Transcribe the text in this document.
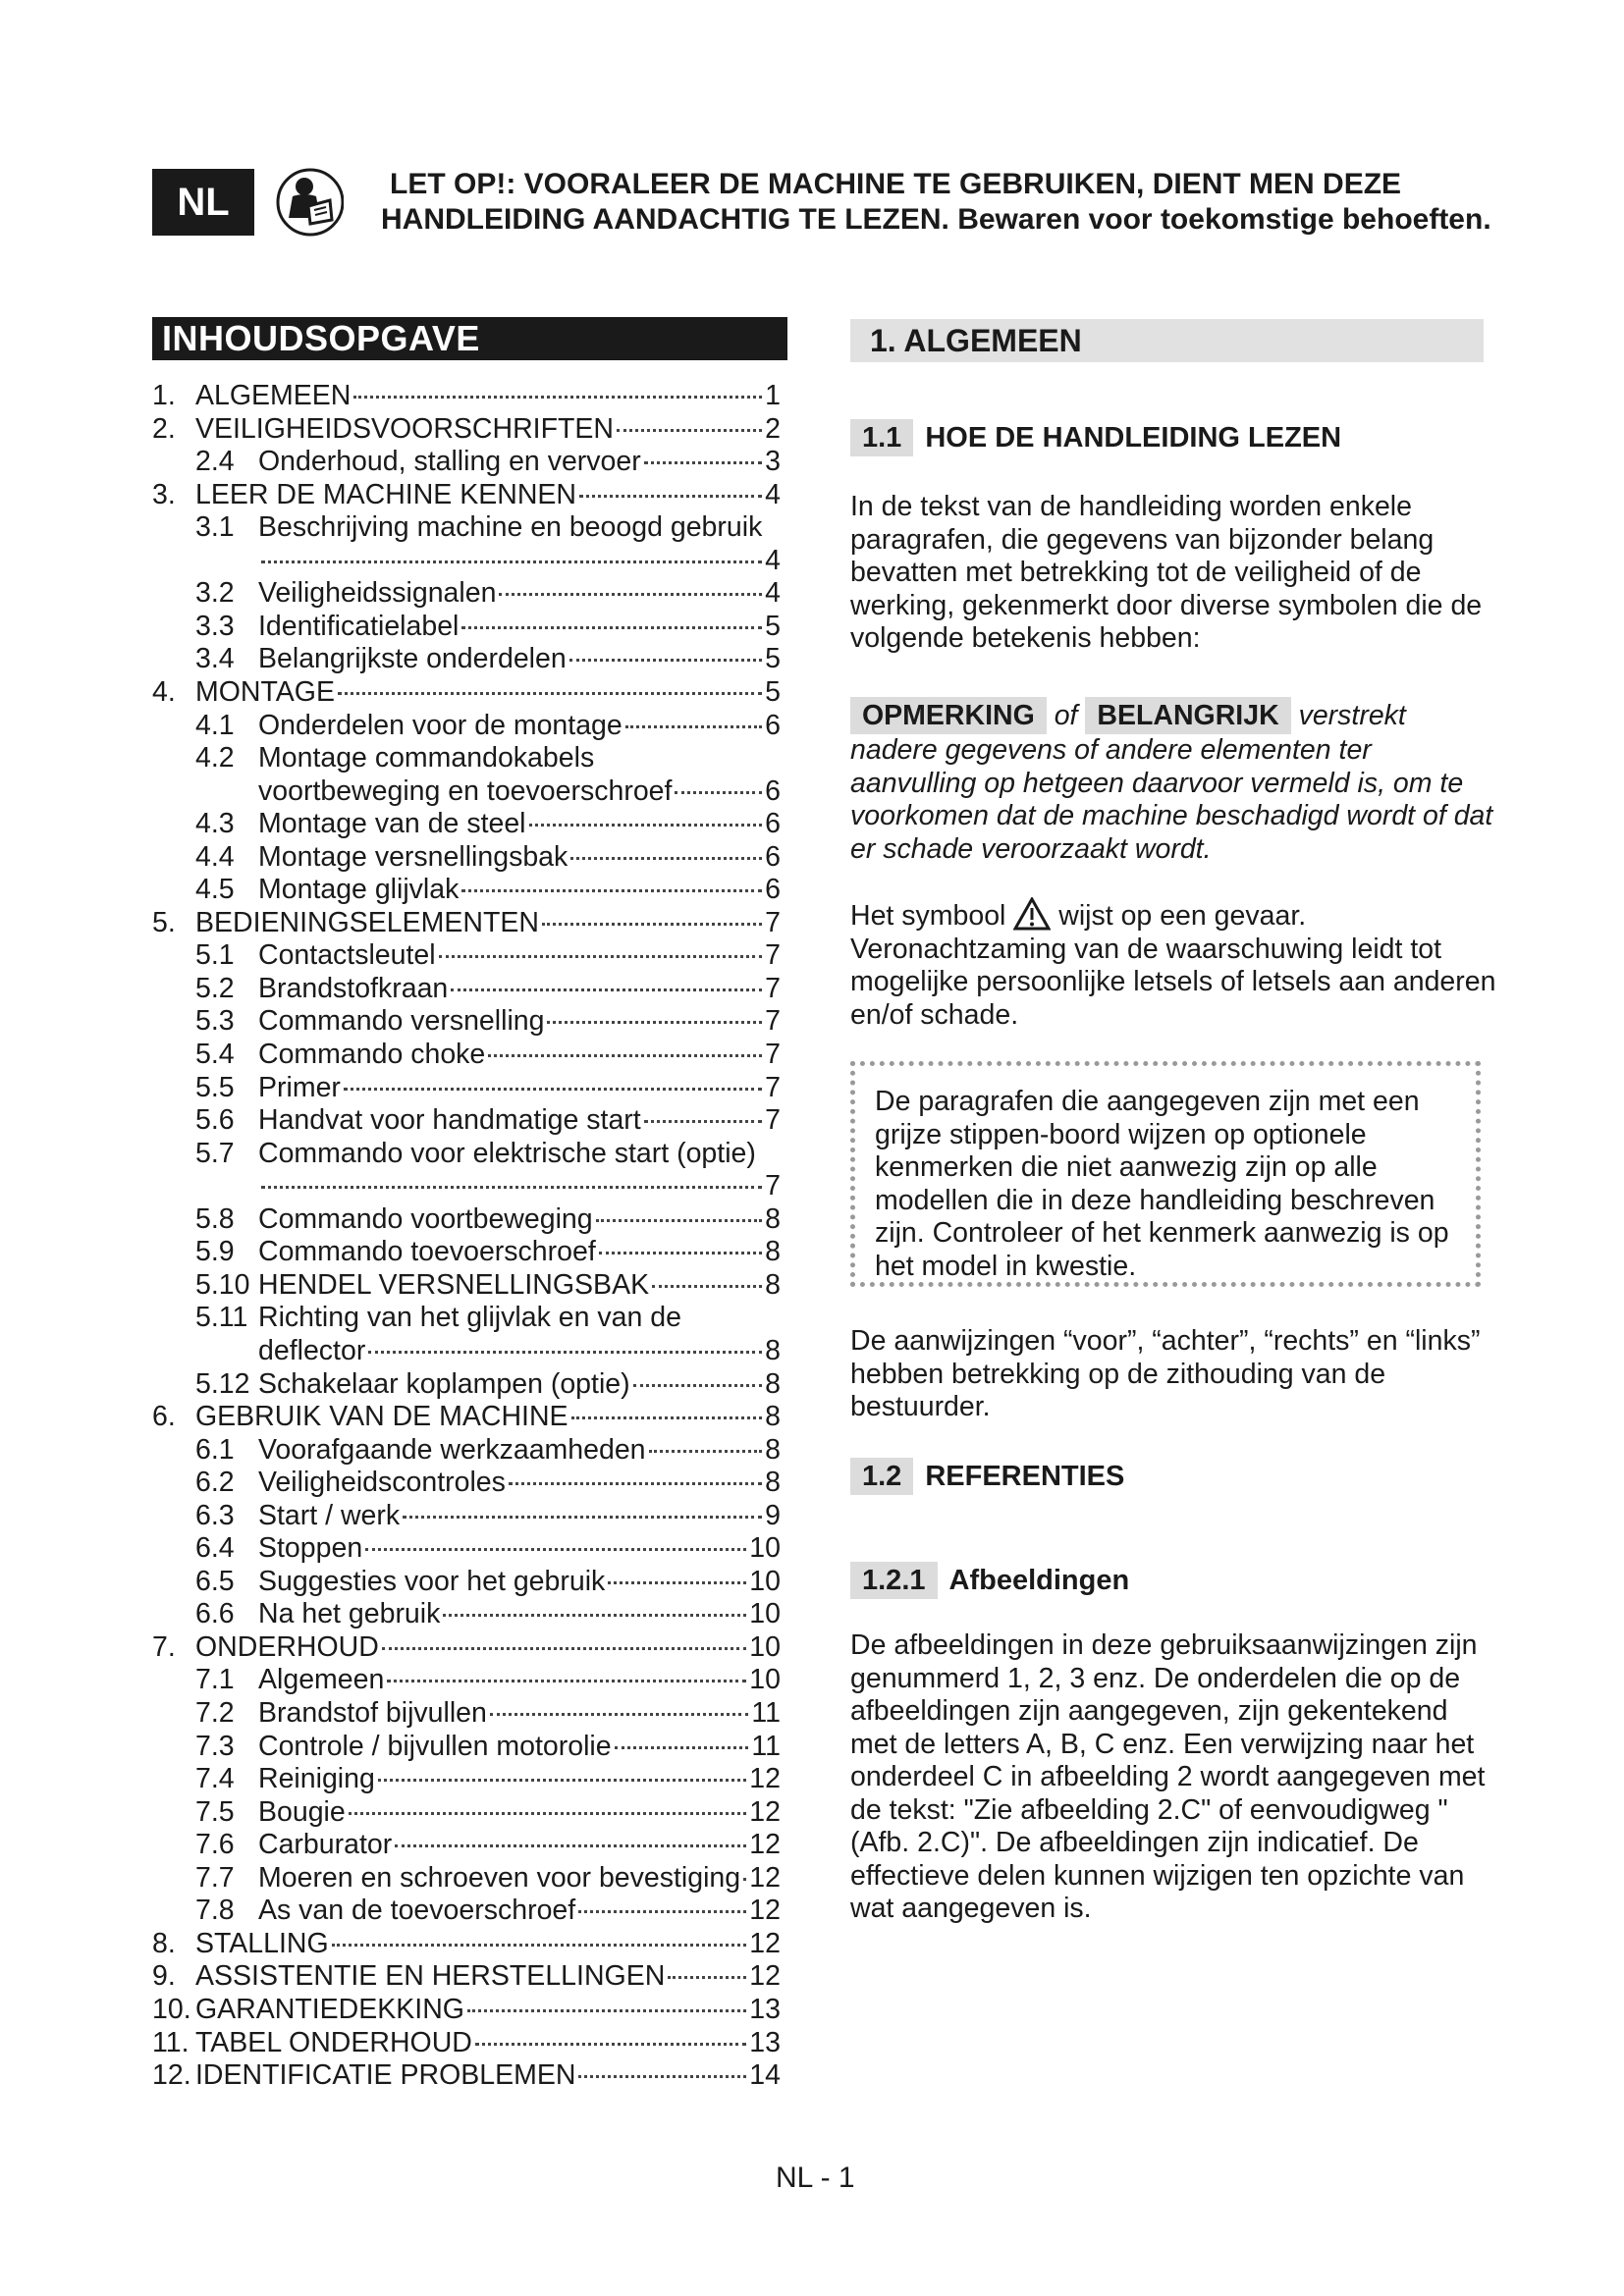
NL	LET OP!: VOORALEER DE MACHINE TE GEBRUIKEN, DIENT MEN DEZE
HANDLEIDING AANDACHTIG TE LEZEN. Bewaren voor toekomstige behoeften.
INHOUDSOPGAVE
1. ALGEMEEN	1
2. VEILIGHEIDSVOORSCHRIFTEN	2
2.4 Onderhoud, stalling en vervoer	3
3. LEER DE MACHINE KENNEN	4
3.1 Beschrijving machine en beoogd gebruik
4
3.2 Veiligheidssignalen	4
3.3 Identificatielabel	5
3.4 Belangrijkste onderdelen	5
4. MONTAGE	5
4.1 Onderdelen voor de montage	6
4.2 Montage commandokabels
voortbeweging en toevoerschroef	6
4.3 Montage van de steel	6
4.4 Montage versnellingsbak	6
4.5 Montage glijvlak	6
5. BEDIENINGSELEMENTEN	7
5.1 Contactsleutel	7
5.2 Brandstofkraan	7
5.3 Commando versnelling	7
5.4 Commando choke	7
5.5 Primer	7
5.6 Handvat voor handmatige start	7
5.7 Commando voor elektrische start (optie)
7
5.8 Commando voortbeweging	8
5.9 Commando toevoerschroef	8
5.10 HENDEL VERSNELLINGSBAK	8
5.11 Richting van het glijvlak en van de
deflector	8
5.12 Schakelaar koplampen (optie)	8
6. GEBRUIK VAN DE MACHINE	8
6.1 Voorafgaande werkzaamheden	8
6.2 Veiligheidscontroles	8
6.3 Start / werk	9
6.4 Stoppen	10
6.5 Suggesties voor het gebruik	10
6.6 Na het gebruik	10
7. ONDERHOUD	10
7.1 Algemeen	10
7.2 Brandstof bijvullen	11
7.3 Controle / bijvullen motorolie	11
7.4 Reiniging	12
7.5 Bougie	12
7.6 Carburator	12
7.7 Moeren en schroeven voor bevestiging 12
7.8 As van de toevoerschroef	12
8. STALLING	12
9. ASSISTENTIE EN HERSTELLINGEN	12
10. GARANTIEDEKKING	13
11. TABEL ONDERHOUD	13
12. IDENTIFICATIE PROBLEMEN	14
1. ALGEMEEN
1.1 HOE DE HANDLEIDING LEZEN
In de tekst van de handleiding worden enkele paragrafen, die gegevens van bijzonder belang bevatten met betrekking tot de veiligheid of de werking, gekenmerkt door diverse symbolen die de volgende betekenis hebben:
OPMERKING of BELANGRIJK verstrekt nadere gegevens of andere elementen ter aanvulling op hetgeen daarvoor vermeld is, om te voorkomen dat de machine beschadigd wordt of dat er schade veroorzaakt wordt.
Het symbool wijst op een gevaar. Veronachtzaming van de waarschuwing leidt tot mogelijke persoonlijke letsels of letsels aan anderen en/of schade.
De paragrafen die aangegeven zijn met een grijze stippen-boord wijzen op optionele kenmerken die niet aanwezig zijn op alle modellen die in deze handleiding beschreven zijn. Controleer of het kenmerk aanwezig is op het model in kwestie.
De aanwijzingen “voor”, “achter”, “rechts” en “links” hebben betrekking op de zithouding van de bestuurder.
1.2 REFERENTIES
1.2.1 Afbeeldingen
De afbeeldingen in deze gebruiksaanwijzingen zijn genummerd 1, 2, 3 enz. De onderdelen die op de afbeeldingen zijn aangegeven, zijn gekentekend met de letters A, B, C enz. Een verwijzing naar het onderdeel C in afbeelding 2 wordt aangegeven met de tekst: "Zie afbeelding 2.C" of eenvoudigweg "(Afb. 2.C)". De afbeeldingen zijn indicatief. De effectieve delen kunnen wijzigen ten opzichte van wat aangegeven is.
NL - 1
